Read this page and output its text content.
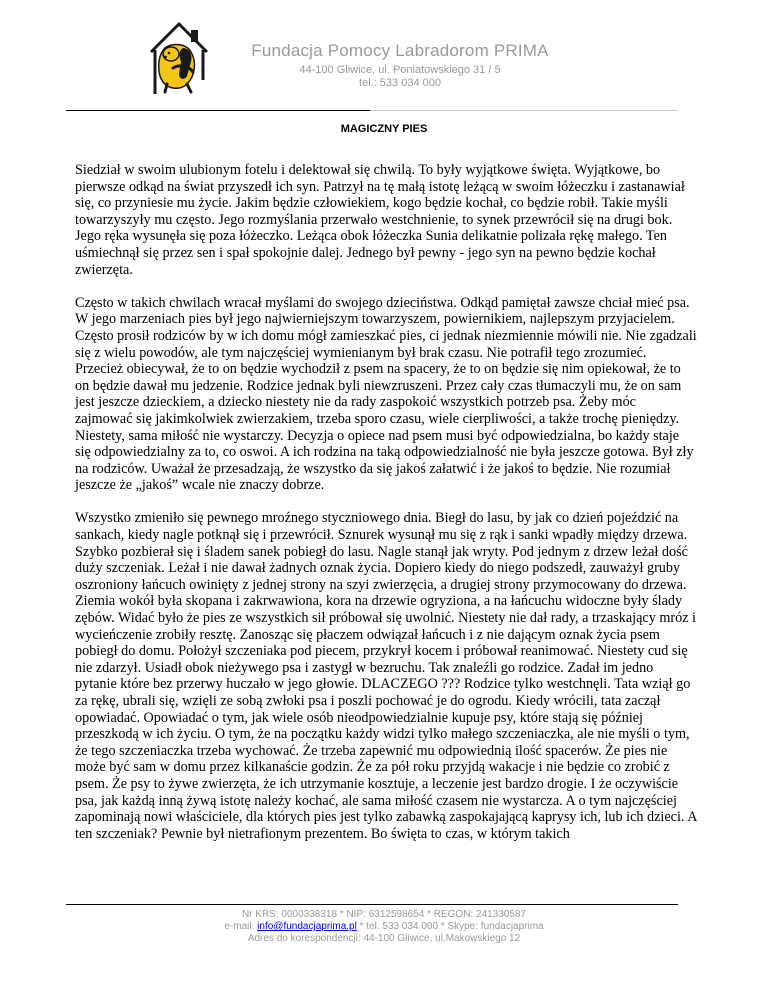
Fundacja Pomocy Labradorom PRIMA
44-100 Gliwice, ul. Poniatowskiego 31 / 5
tel.: 533 034 000
MAGICZNY PIES

Siedział w swoim ulubionym fotelu i delektował się chwilą. To były wyjątkowe święta. Wyjątkowe, bo pierwsze odkąd na świat przyszedł ich syn. Patrzył na tę małą istotę leżącą w swoim łóżeczku i zastanawiał się, co przyniesie mu życie. Jakim będzie człowiekiem, kogo będzie kochał, co będzie robił. Takie myśli towarzyszyły mu często. Jego rozmyślania przerwało westchnienie, to synek przewrócił się na drugi bok. Jego ręka wysunęła się poza łóżeczko. Leżąca obok łóżeczka Sunia delikatnie polizała rękę małego. Ten uśmiechnął się przez sen i spał spokojnie dalej. Jednego był pewny - jego syn na pewno będzie kochał zwierzęta.

Często w takich chwilach wracał myślami do swojego dzieciństwa. Odkąd pamiętał zawsze chciał mieć psa. W jego marzeniach pies był jego najwierniejszym towarzyszem, powiernikiem, najlepszym przyjacielem. Często prosił rodziców by w ich domu mógł zamieszkać pies, ci jednak niezmiennie mówili nie. Nie zgadzali się z wielu powodów, ale tym najczęściej wymienianym był brak czasu. Nie potrafił tego zrozumieć. Przecież obiecywał, że to on będzie wychodził z psem na spacery, że to on będzie się nim opiekował, że to on będzie dawał mu jedzenie. Rodzice jednak byli niewzruszeni. Przez cały czas tłumaczyli mu, że on sam jest jeszcze dzieckiem, a dziecko niestety nie da rady zaspokoić wszystkich potrzeb psa. Żeby móc zajmować się jakimkolwiek zwierzakiem, trzeba sporo czasu, wiele cierpliwości, a także trochę pieniędzy. Niestety, sama miłość nie wystarczy. Decyzja o opiece nad psem musi być odpowiedzialna, bo każdy staje się odpowiedzialny za to, co oswoi. A ich rodzina na taką odpowiedzialność nie była jeszcze gotowa. Był zły na rodziców. Uważał że przesadzają, że wszystko da się jakoś załatwić i że jakoś to będzie. Nie rozumiał jeszcze że „jakoś” wcale nie znaczy dobrze.

Wszystko zmieniło się pewnego mroźnego styczniowego dnia. Biegł do lasu, by jak co dzień pojeździć na sankach, kiedy nagle potknął się i przewrócił. Sznurek wysunął mu się z rąk i sanki wpadły między drzewa. Szybko pozbierał się i śladem sanek pobiegł do lasu. Nagle stanął jak wryty. Pod jednym z drzew leżał dość duży szczeniak. Leżał i nie dawał żadnych oznak życia. Dopiero kiedy do niego podszedł, zauważył gruby oszroniony łańcuch owinięty z jednej strony na szyi zwierzęcia, a drugiej strony przymocowany do drzewa. Ziemia wokół była skopana i zakrwawiona, kora na drzewie ogryziona, a na łańcuchu widoczne były ślady zębów. Widać było że pies ze wszystkich sił próbował się uwolnić. Niestety nie dał rady, a trzaskający mróz i wycieńczenie zrobiły resztę. Zanosząc się płaczem odwiązał łańcuch i z nie dającym oznak życia psem pobiegł do domu. Położył szczeniaka pod piecem, przykrył kocem i próbował reanimować. Niestety cud się nie zdarzył. Usiadł obok nieżywego psa i zastygł w bezruchu. Tak znaleźli go rodzice. Zadał im jedno pytanie które bez przerwy huczało w jego głowie. DLACZEGO ??? Rodzice tylko westchnęli. Tata wziął go za rękę, ubrali się, wzięli ze sobą zwłoki psa i poszli pochować je do ogrodu. Kiedy wrócili, tata zaczął opowiadać. Opowiadać o tym, jak wiele osób nieodpowiedzialnie kupuje psy, które stają się później przeszkodą w ich życiu. O tym, że na początku każdy widzi tylko małego szczeniaczka, ale nie myśli o tym, że tego szczeniaczka trzeba wychować. Że trzeba zapewnić mu odpowiednią ilość spacerów. Że pies nie może być sam w domu przez kilkanaście godzin. Że za pół roku przyjdą wakacje i nie będzie co zrobić z psem. Że psy to żywe zwierzęta, że ich utrzymanie kosztuje, a leczenie jest bardzo drogie. I że oczywiście psa, jak każdą inną żywą istotę należy kochać, ale sama miłość czasem nie wystarcza. A o tym najczęściej zapominają nowi właściciele, dla których pies jest tylko zabawką zaspokajającą kaprysy ich, lub ich dzieci. A ten szczeniak? Pewnie był nietrafionym prezentem. Bo święta to czas, w którym takich

Nr KRS: 0000338318 * NIP: 6312598654 * REGON: 241330587
e-mail: info@fundacjaprima.pl * tel. 533 034 000 * Skype: fundacjaprima
Adres do korespondencji: 44-100 Gliwice, ul.Makowskiego 12
